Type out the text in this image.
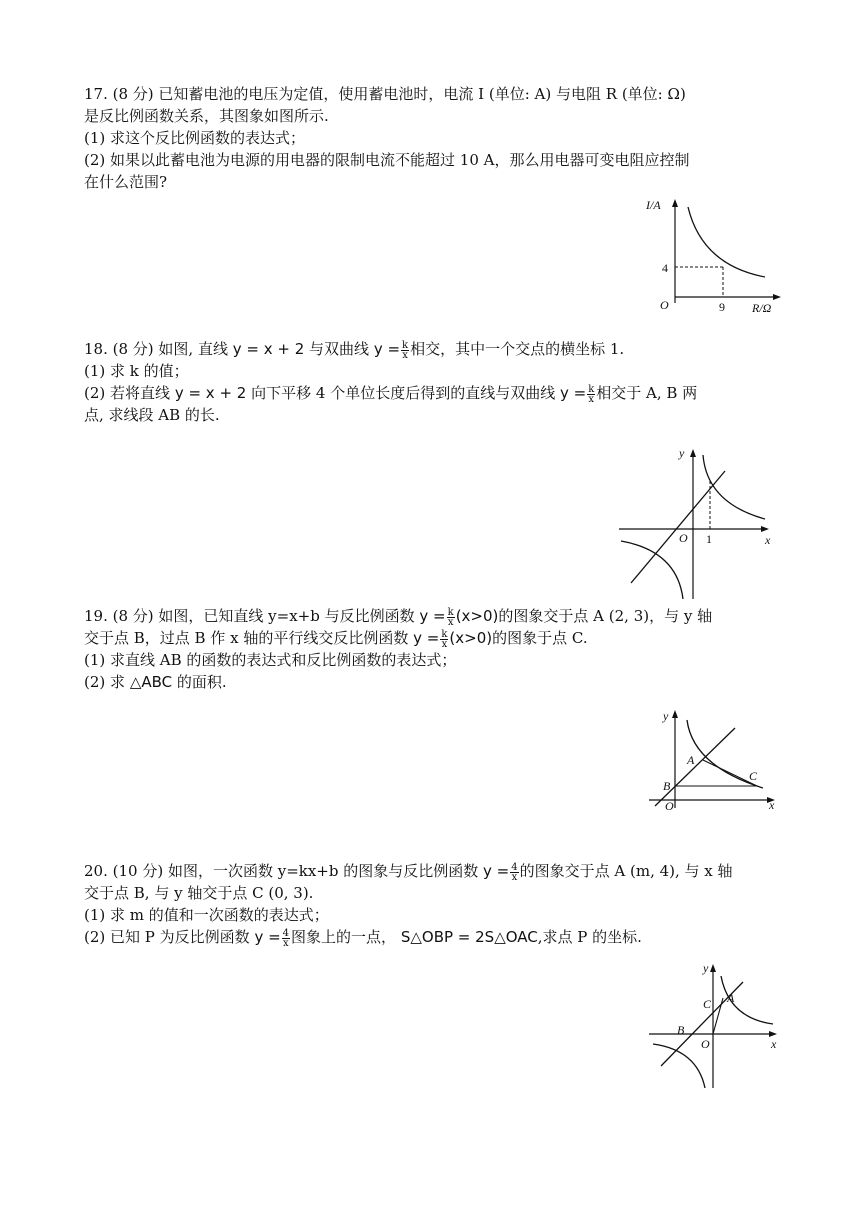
17. (8 分) 已知蓄电池的电压为定值，使用蓄电池时，电流 I (单位: A) 与电阻 R (单位: Ω)
是反比例函数关系，其图象如图所示.
(1) 求这个反比例函数的表达式；
(2) 如果以此蓄电池为电源的用电器的限制电流不能超过 10 A，那么用电器可变电阻应控制
在什么范围?
I/A
R/Ω
O
4
9
18. (8 分) 如图, 直线 y = x + 2 与双曲线 $y = \frac{k}{x}$ 相交，其中一个交点的横坐标 1.
(1) 求 k 的值；
(2) 若将直线 y = x + 2 向下平移 4 个单位长度后得到的直线与双曲线 $y = \frac{k}{x}$ 相交于 A, B 两
点, 求线段 AB 的长.
y
x
O 1
19. (8 分) 如图，已知直线 y=x+b 与反比例函数 $y = \frac{k}{x} (x>0)$的图象交于点 A (2, 3)，与 y 轴
交于点 B，过点 B 作 x 轴的平行线交反比例函数 $y = \frac{k}{x} (x>0)$的图象于点 C.
(1) 求直线 AB 的函数的表达式和反比例函数的表达式；
(2) 求 △ABC 的面积.
y
x
O
A
B
C
20. (10 分) 如图，一次函数 y=kx+b 的图象与反比例函数 $y = \frac{4}{x}$ 的图象交于点 A (m, 4), 与 x 轴
交于点 B, 与 y 轴交于点 C (0, 3).
(1) 求 m 的值和一次函数的表达式；
(2) 已知 P 为反比例函数 $y = \frac{4}{x}$ 图象上的一点， S△OBP = 2S△OAC,求点 P 的坐标.
y
x
O
A
B
C
